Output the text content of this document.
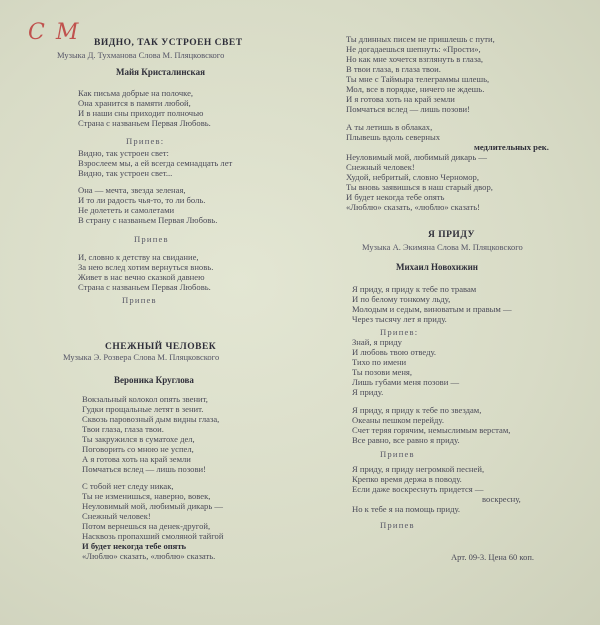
С М ВИДНО, ТАК УСТРОЕН СВЕТ
Музыка Д. Тухманова Слова М. Пляцковского
Майя Кристалинская
Как письма добрые на полочке,
Она хранится в памяти любой,
И в наши сны приходит полночью
Страна с названьем Первая Любовь.
Припев:
Видно, так устроен свет:
Взрослеем мы, а ей всегда семнадцать лет
Видно, так устроен свет...
Она — мечта, звезда зеленая,
И то ли радость чья-то, то ли боль.
Не долететь и самолетами
В страну с названьем Первая Любовь.
Припев
И, словно к детству на свидание,
За нею вслед хотим вернуться вновь.
Живет в нас вечно сказкой давнею
Страна с названьем Первая Любовь.
Припев
СНЕЖНЫЙ ЧЕЛОВЕК
Музыка Э. Розвера Слова М. Пляцковского
Вероника Круглова
Вокзальный колокол опять звенит,
Гудки прощальные летят в зенит.
Сквозь паровозный дым видны глаза,
Твои глаза, глаза твои.
Ты закружился в суматохе дел,
Поговорить со мною не успел,
А я готова хоть на край земли
Помчаться вслед — лишь позови!
С тобой нет следу никак,
Ты не изменишься, наверно, вовек,
Неуловимый мой, любимый дикарь —
Снежный человек!
Потом вернешься на денек-другой,
Насквозь пропахший смоляной тайгой
И будет некогда тебе опять
«Люблю» сказать, «люблю» сказать.
Ты длинных писем не пришлешь с пути,
Не догадаешься шепнуть: «Прости»,
Но как мне хочется взглянуть в глаза,
В твои глаза, в глаза твои.
Ты мне с Таймыра телеграммы шлешь,
Мол, все в порядке, ничего не ждешь.
И я готова хоть на край земли
Помчаться вслед — лишь позови!
А ты летишь в облаках,
Плывешь вдоль северных
медлительных рек.
Неуловимый мой, любимый дикарь —
Снежный человек!
Худой, небритый, словно Черномор,
Ты вновь заявишься в наш старый двор,
И будет некогда тебе опять
«Люблю» сказать, «люблю» сказать!
Я ПРИДУ
Музыка А. Экимяна Слова М. Пляцковского
Михаил Новохижин
Я приду, я приду к тебе по травам
И по белому тонкому льду,
Молодым и седым, виноватым и правым —
Через тысячу лет я приду.
Припев:
Знай, я приду
И любовь твою отведу.
Тихо по имени
Ты позови меня,
Лишь губами меня позови —
Я приду.
Я приду, я приду к тебе по звездам,
Океаны пешком перейду.
Счет теряя горячим, немыслимым верстам,
Все равно, все равно я приду.
Припев
Я приду, я приду негромкой песней,
Крепко время держа в поводу.
Если даже воскреснуть придется —
воскресну,
Но к тебе я на помощь приду.
Припев
Арт. 09-3. Цена 60 коп.
